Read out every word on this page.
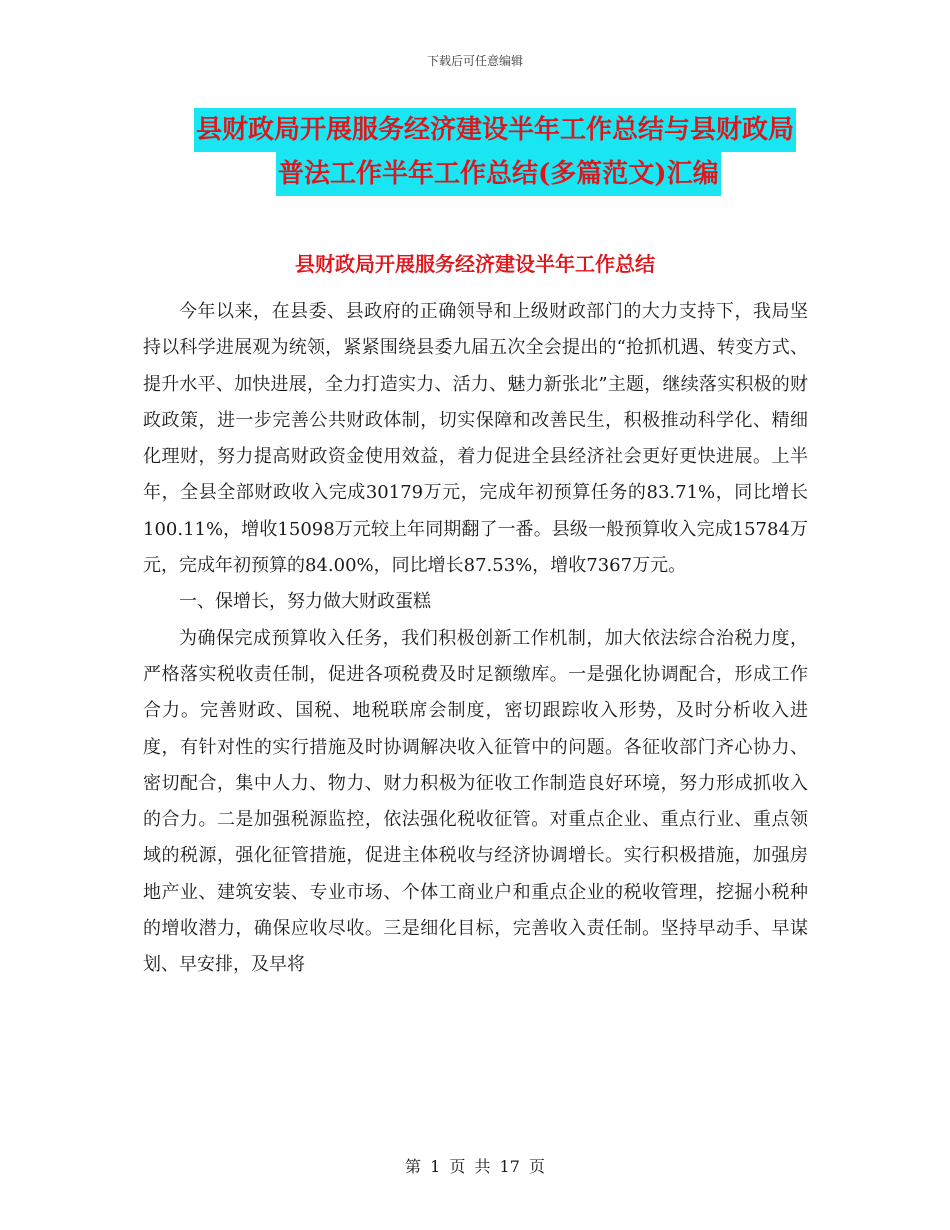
下载后可任意编辑
县财政局开展服务经济建设半年工作总结与县财政局
普法工作半年工作总结(多篇范文)汇编
县财政局开展服务经济建设半年工作总结

今年以来，在县委、县政府的正确领导和上级财政部门的大力支持下，我局坚持以科学进展观为统领，紧紧围绕县委九届五次全会提出的“抢抓机遇、转变方式、提升水平、加快进展，全力打造实力、活力、魅力新张北”主题，继续落实积极的财政政策，进一步完善公共财政体制，切实保障和改善民生，积极推动科学化、精细化理财，努力提高财政资金使用效益，着力促进全县经济社会更好更快进展。上半年，全县全部财政收入完成30179万元，完成年初预算任务的83.71%，同比增长100.11%，增收15098万元较上年同期翻了一番。县级一般预算收入完成15784万元，完成年初预算的84.00%，同比增长87.53%，增收7367万元。

一、保增长，努力做大财政蛋糕

为确保完成预算收入任务，我们积极创新工作机制，加大依法综合治税力度，严格落实税收责任制，促进各项税费及时足额缴库。一是强化协调配合，形成工作合力。完善财政、国税、地税联席会制度，密切跟踪收入形势，及时分析收入进度，有针对性的实行措施及时协调解决收入征管中的问题。各征收部门齐心协力、密切配合，集中人力、物力、财力积极为征收工作制造良好环境，努力形成抓收入的合力。二是加强税源监控，依法强化税收征管。对重点企业、重点行业、重点领域的税源，强化征管措施，促进主体税收与经济协调增长。实行积极措施，加强房地产业、建筑安装、专业市场、个体工商业户和重点企业的税收管理，挖掘小税种的增收潜力，确保应收尽收。三是细化目标，完善收入责任制。坚持早动手、早谋划、早安排，及早将

第 1 页 共 17 页
